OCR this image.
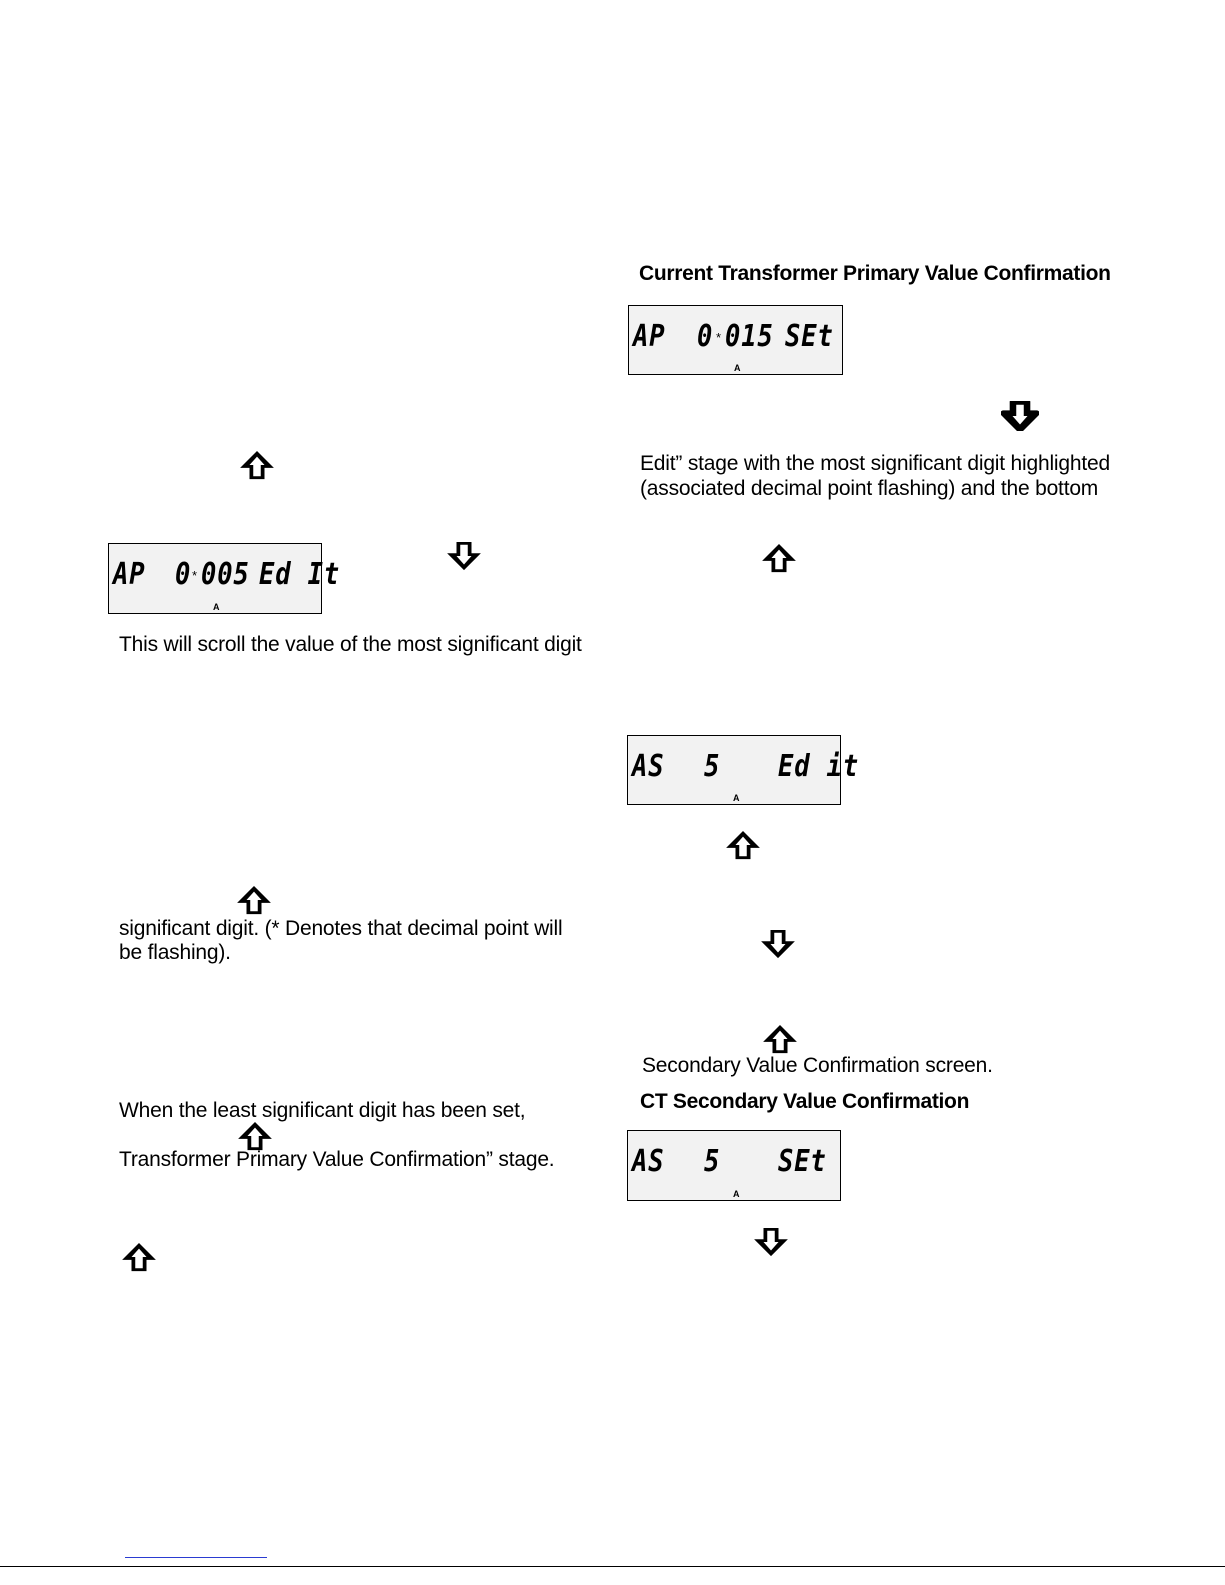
Current Transformer Primary Value Confirmation
AP 0 * 015 SEt
A
Edit” stage with the most significant digit highlighted
(associated decimal point flashing) and the bottom
AS 5 Ed it
A
Secondary Value Confirmation screen.
CT Secondary Value Confirmation
AS 5 SEt
A
AP 0 * 005 Ed It
A
This will scroll the value of the most significant digit
significant digit. (* Denotes that decimal point will
be flashing).
When the least significant digit has been set,
Transformer Primary Value Confirmation” stage.
